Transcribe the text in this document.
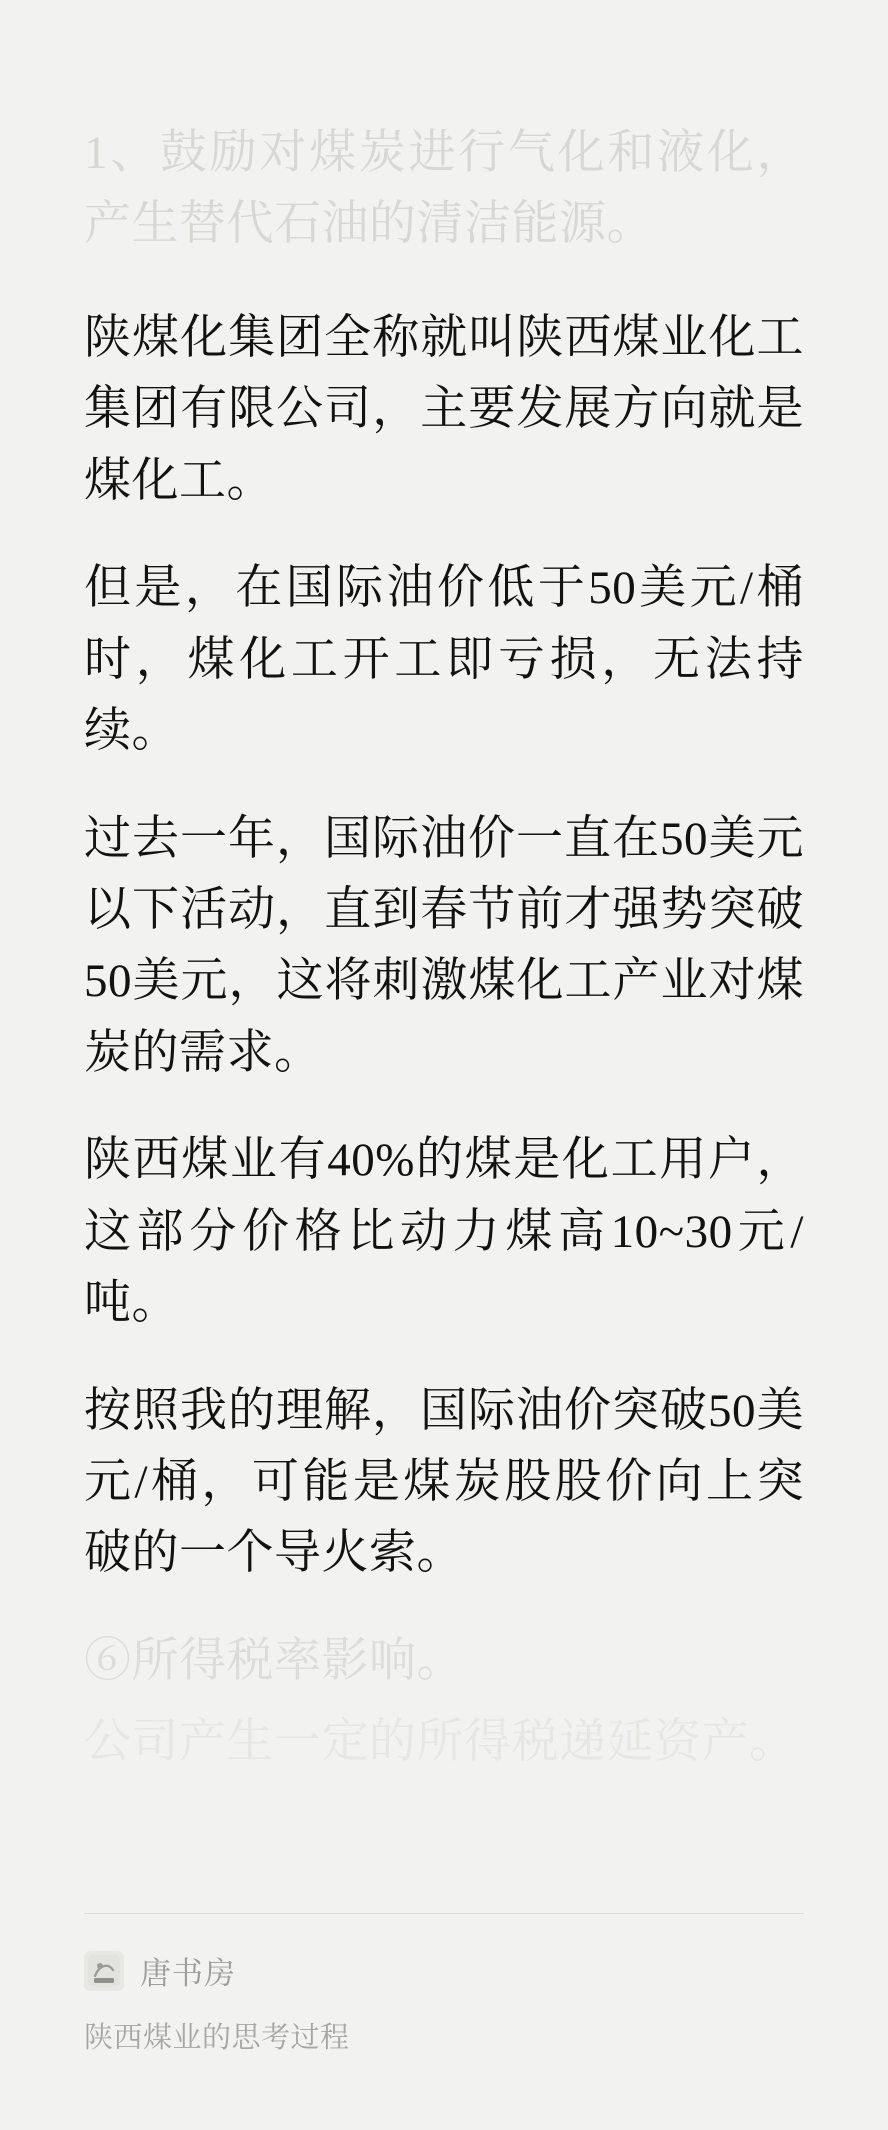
1、鼓励对煤炭进行气化和液化，产生替代石油的清洁能源。

陕煤化集团全称就叫陕西煤业化工集团有限公司，主要发展方向就是煤化工。

但是，在国际油价低于50美元/桶时，煤化工开工即亏损，无法持续。

过去一年，国际油价一直在50美元以下活动，直到春节前才强势突破50美元，这将刺激煤化工产业对煤炭的需求。

陕西煤业有40%的煤是化工用户，这部分价格比动力煤高10~30元/吨。

按照我的理解，国际油价突破50美元/桶，可能是煤炭股股价向上突破的一个导火索。

⑥所得税率影响。

公司产生一定的所得税递延资产。

唐书房
陕西煤业的思考过程
